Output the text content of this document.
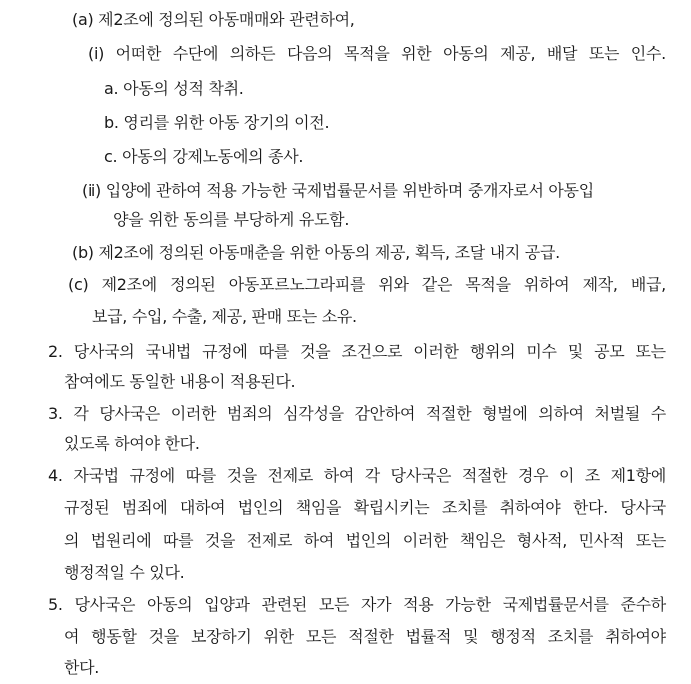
(a) 제2조에 정의된 아동매매와 관련하여,
(ⅰ) 어떠한 수단에 의하든 다음의 목적을 위한 아동의 제공, 배달 또는 인수.
a. 아동의 성적 착취.
b. 영리를 위한 아동 장기의 이전.
c. 아동의 강제노동에의 종사.
(ⅱ) 입양에 관하여 적용 가능한 국제법률문서를 위반하며 중개자로서 아동입
양을 위한 동의를 부당하게 유도함.
(b) 제2조에 정의된 아동매춘을 위한 아동의 제공, 획득, 조달 내지 공급.
(c) 제2조에 정의된 아동포르노그라피를 위와 같은 목적을 위하여 제작, 배급,
보급, 수입, 수출, 제공, 판매 또는 소유.
2. 당사국의 국내법 규정에 따를 것을 조건으로 이러한 행위의 미수 및 공모 또는
참여에도 동일한 내용이 적용된다.
3. 각 당사국은 이러한 범죄의 심각성을 감안하여 적절한 형벌에 의하여 처벌될 수
있도록 하여야 한다.
4. 자국법 규정에 따를 것을 전제로 하여 각 당사국은 적절한 경우 이 조 제1항에
규정된 범죄에 대하여 법인의 책임을 확립시키는 조치를 취하여야 한다. 당사국
의 법원리에 따를 것을 전제로 하여 법인의 이러한 책임은 형사적, 민사적 또는
행정적일 수 있다.
5. 당사국은 아동의 입양과 관련된 모든 자가 적용 가능한 국제법률문서를 준수하
여 행동할 것을 보장하기 위한 모든 적절한 법률적 및 행정적 조치를 취하여야
한다.
